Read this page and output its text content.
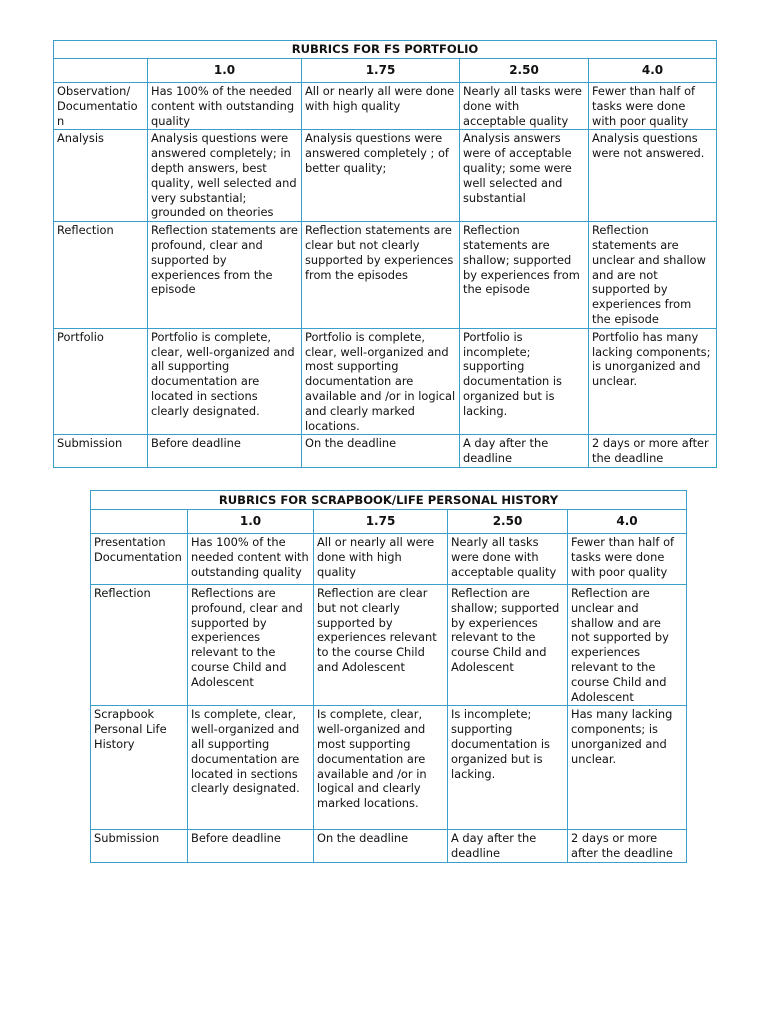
RUBRICS FOR FS PORTFOLIO				
	1.0	1.75	2.50	4.0
Observation/ Documentation	Has 100% of the needed content with outstanding quality	All or nearly all were done with high quality	Nearly all tasks were done with acceptable quality	Fewer than half of tasks were done with poor quality
Analysis	Analysis questions were answered completely; in depth answers, best quality, well selected and very substantial; grounded on theories	Analysis questions were answered completely ; of better quality;	Analysis answers were of acceptable quality; some were well selected and substantial	Analysis questions were not answered.
Reflection	Reflection statements are profound, clear and supported by experiences from the episode	Reflection statements are clear but not clearly supported by experiences from the episodes	Reflection statements are shallow; supported by experiences from the episode	Reflection statements are unclear and shallow and are not supported by experiences from the episode
Portfolio	Portfolio is complete, clear, well-organized and all supporting documentation are located in sections clearly designated.	Portfolio is complete, clear, well-organized and most supporting documentation are available and /or in logical and clearly marked locations.	Portfolio is incomplete; supporting documentation is organized but is lacking.	Portfolio has many lacking components; is unorganized and unclear.
Submission	Before deadline	On the deadline	A day after the deadline	2 days or more after the deadline
RUBRICS FOR SCRAPBOOK/LIFE PERSONAL HISTORY				
	1.0	1.75	2.50	4.0
Presentation Documentation	Has 100% of the needed content with outstanding quality	All or nearly all were done with high quality	Nearly all tasks were done with acceptable quality	Fewer than half of tasks were done with poor quality
Reflection	Reflections are profound, clear and supported by experiences relevant to the course Child and Adolescent	Reflection are clear but not clearly supported by experiences relevant to the course Child and Adolescent	Reflection are shallow; supported by experiences relevant to the course Child and Adolescent	Reflection are unclear and shallow and are not supported by experiences relevant to the course Child and Adolescent
Scrapbook Personal Life History	Is complete, clear, well-organized and all supporting documentation are located in sections clearly designated.	Is complete, clear, well-organized and most supporting documentation are available and /or in logical and clearly marked locations.	Is incomplete; supporting documentation is organized but is lacking.	Has many lacking components; is unorganized and unclear.
Submission	Before deadline	On the deadline	A day after the deadline	2 days or more after the deadline
